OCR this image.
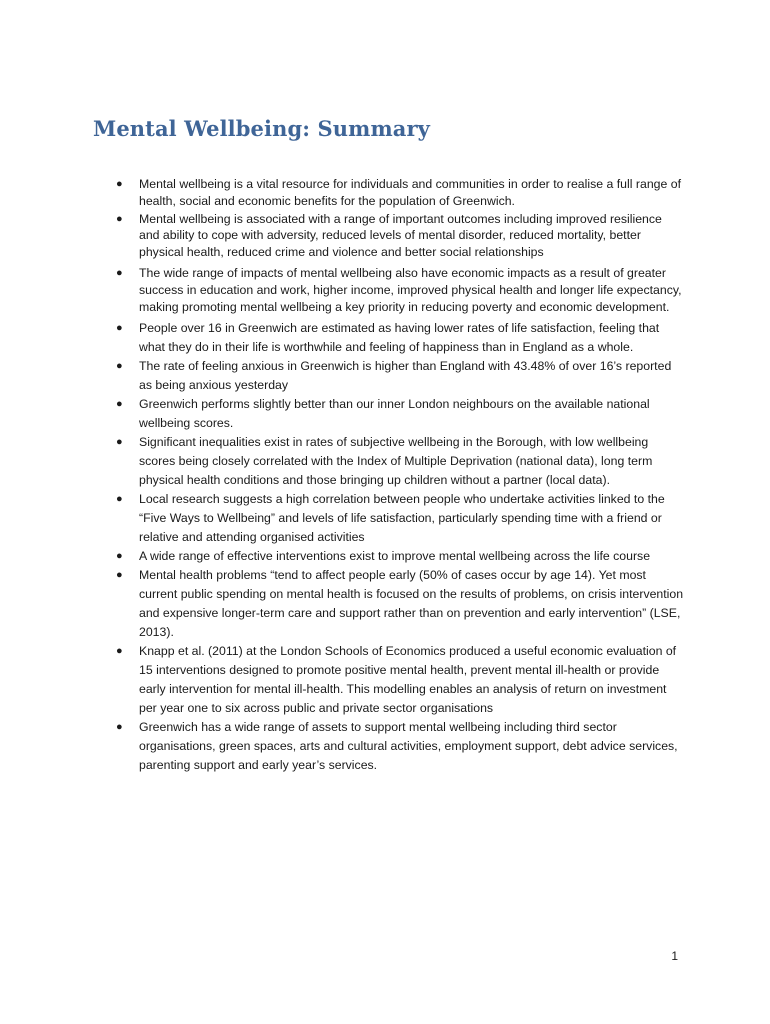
Mental Wellbeing: Summary
● Mental wellbeing is a vital resource for individuals and communities in order to realise a full range of health, social and economic benefits for the population of Greenwich.
● Mental wellbeing is associated with a range of important outcomes including improved resilience and ability to cope with adversity, reduced levels of mental disorder, reduced mortality, better physical health, reduced crime and violence and better social relationships
● The wide range of impacts of mental wellbeing also have economic impacts as a result of greater success in education and work, higher income, improved physical health and longer life expectancy, making promoting mental wellbeing a key priority in reducing poverty and economic development.
● People over 16 in Greenwich are estimated as having lower rates of life satisfaction, feeling that what they do in their life is worthwhile and feeling of happiness than in England as a whole.
● The rate of feeling anxious in Greenwich is higher than England with 43.48% of over 16’s reported as being anxious yesterday
● Greenwich performs slightly better than our inner London neighbours on the available national wellbeing scores.
● Significant inequalities exist in rates of subjective wellbeing in the Borough, with low wellbeing scores being closely correlated with the Index of Multiple Deprivation (national data), long term physical health conditions and those bringing up children without a partner (local data).
● Local research suggests a high correlation between people who undertake activities linked to the “Five Ways to Wellbeing” and levels of life satisfaction, particularly spending time with a friend or relative and attending organised activities
● A wide range of effective interventions exist to improve mental wellbeing across the life course
● Mental health problems “tend to affect people early (50% of cases occur by age 14). Yet most current public spending on mental health is focused on the results of problems, on crisis intervention and expensive longer-term care and support rather than on prevention and early intervention” (LSE, 2013).
● Knapp et al. (2011) at the London Schools of Economics produced a useful economic evaluation of 15 interventions designed to promote positive mental health, prevent mental ill-health or provide early intervention for mental ill-health. This modelling enables an analysis of return on investment per year one to six across public and private sector organisations
● Greenwich has a wide range of assets to support mental wellbeing including third sector organisations, green spaces, arts and cultural activities, employment support, debt advice services, parenting support and early year’s services.
1
